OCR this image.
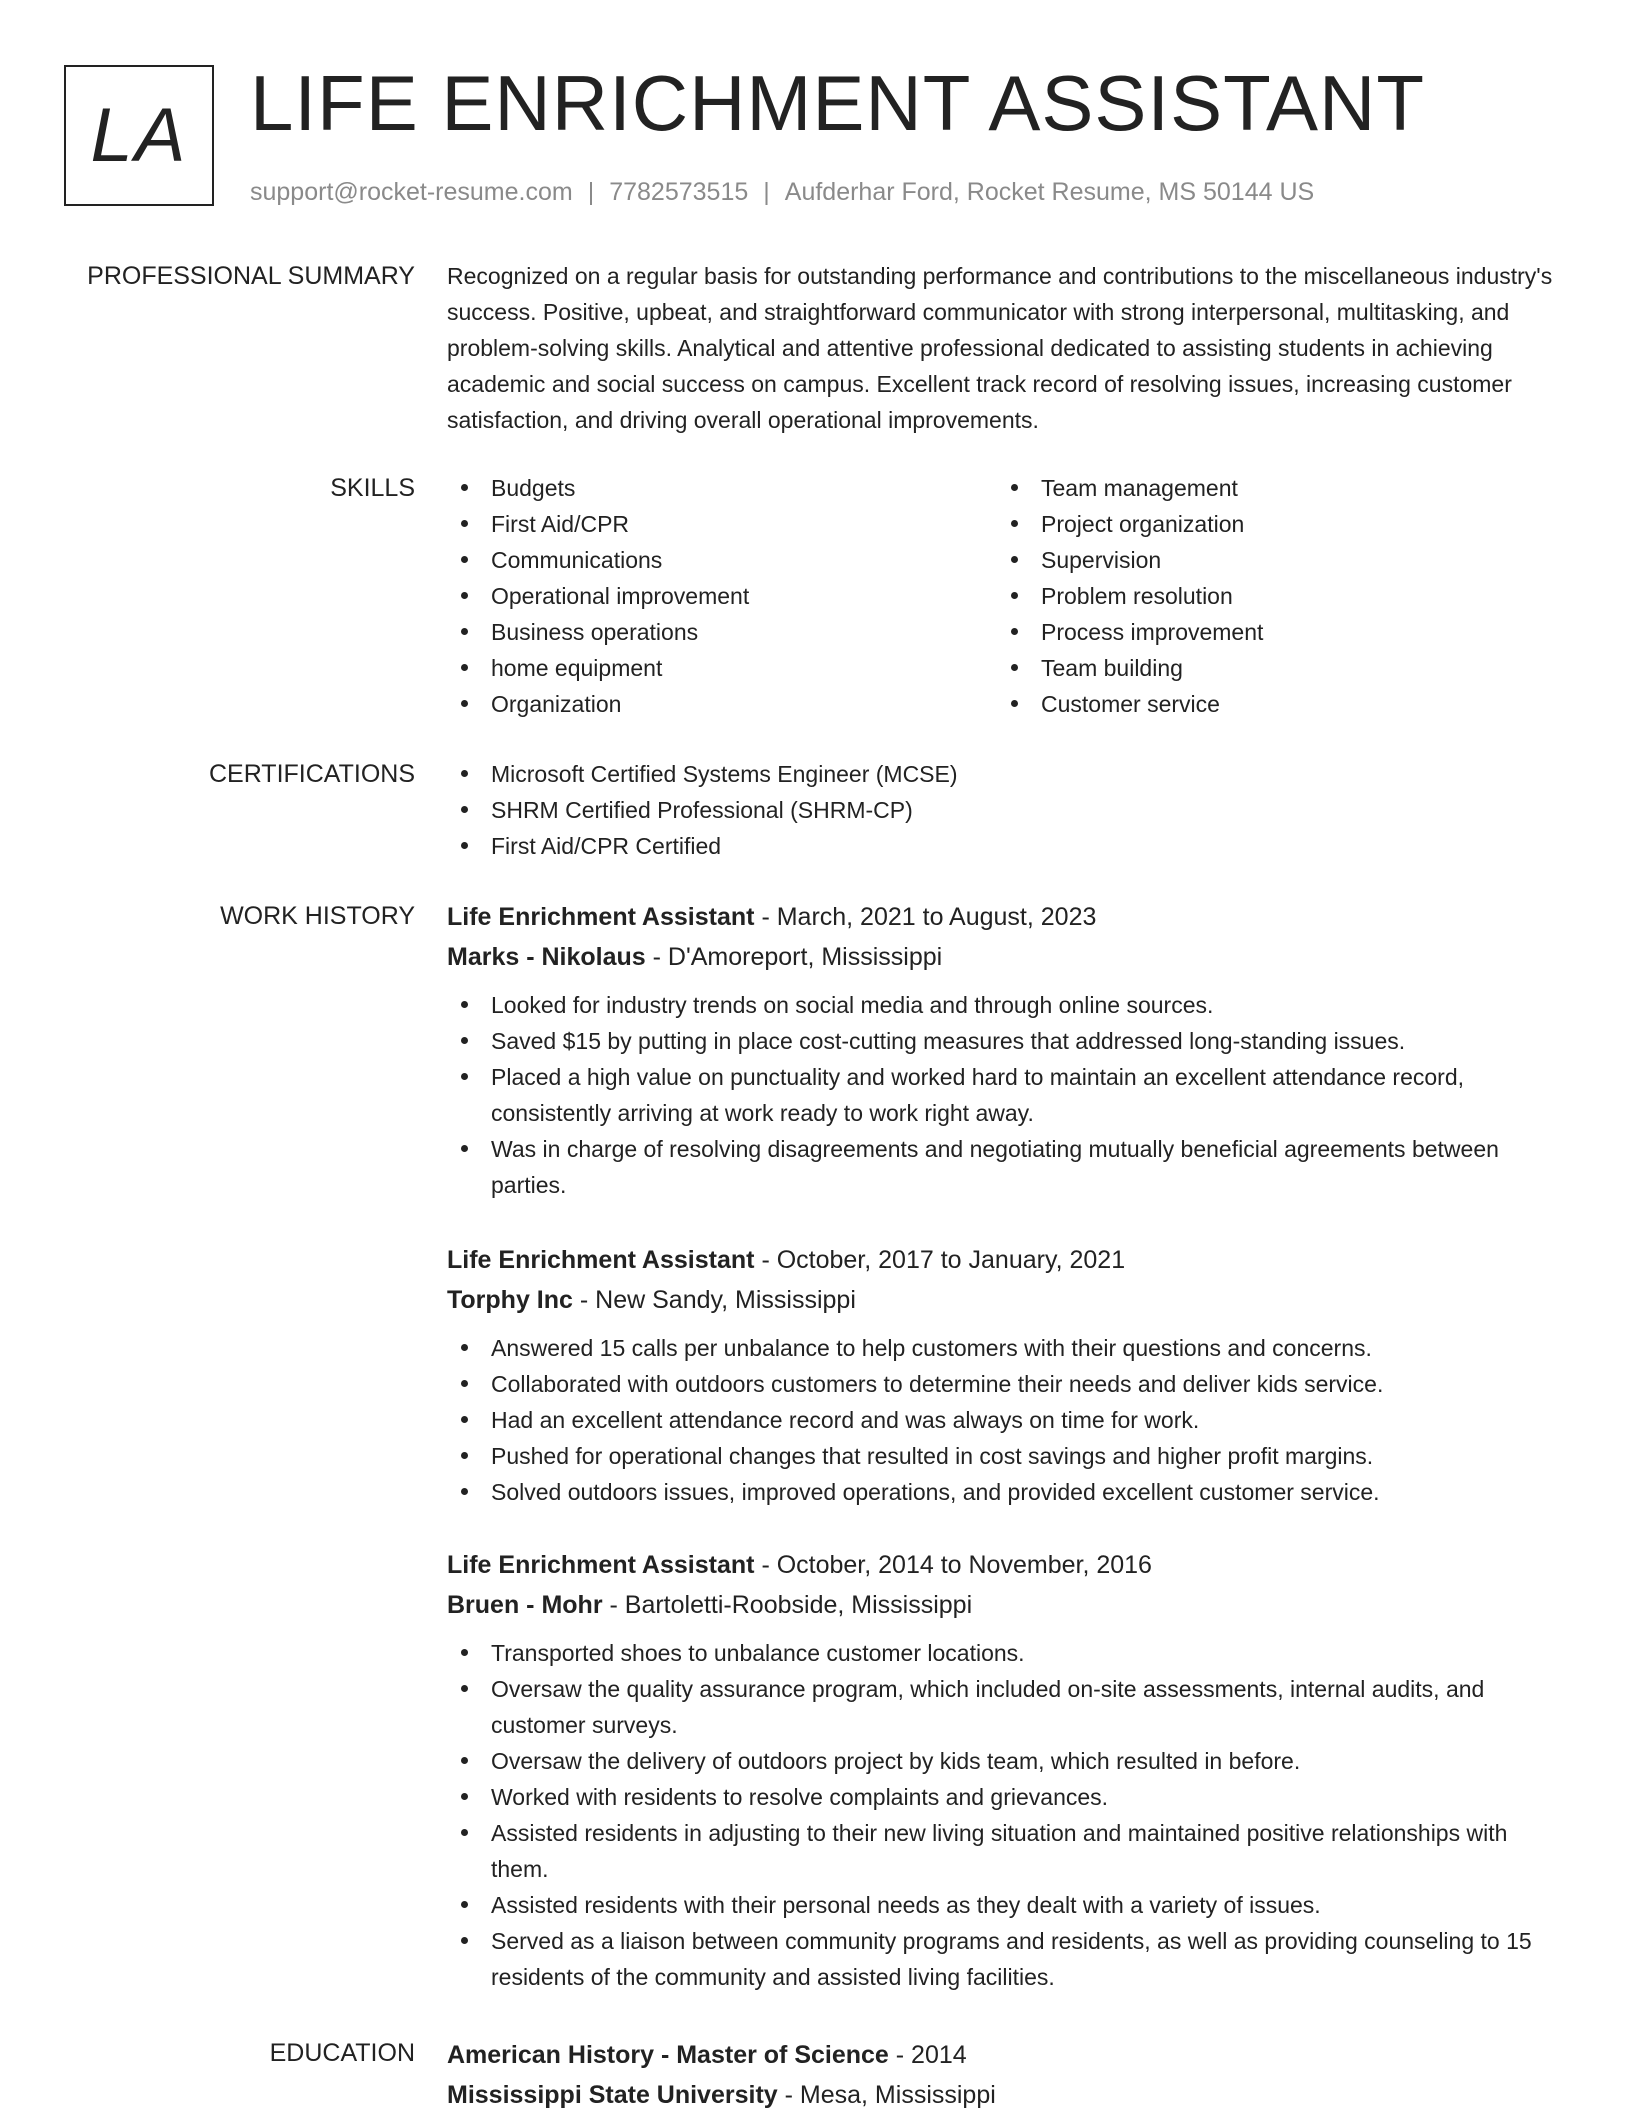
LA LIFE ENRICHMENT ASSISTANT
support@rocket-resume.com | 7782573515 | Aufderhar Ford, Rocket Resume, MS 50144 US
PROFESSIONAL SUMMARY Recognized on a regular basis for outstanding performance and contributions to the miscellaneous industry's success. Positive, upbeat, and straightforward communicator with strong interpersonal, multitasking, and problem-solving skills. Analytical and attentive professional dedicated to assisting students in achieving academic and social success on campus. Excellent track record of resolving issues, increasing customer satisfaction, and driving overall operational improvements.

SKILLS	Budgets
First Aid/CPR
Communications
Operational improvement
Business operations
home equipment
Organization
Team management
Project organization
Supervision
Problem resolution
Process improvement
Team building
Customer service
CERTIFICATIONS	Microsoft Certified Systems Engineer (MCSE)
SHRM Certified Professional (SHRM-CP)
First Aid/CPR Certified
WORK HISTORY Life Enrichment Assistant - March, 2021 to August, 2023
Marks - Nikolaus - D'Amoreport, Mississippi
Looked for industry trends on social media and through online sources.
Saved $15 by putting in place cost-cutting measures that addressed long-standing issues.
Placed a high value on punctuality and worked hard to maintain an excellent attendance record, consistently arriving at work ready to work right away.
Was in charge of resolving disagreements and negotiating mutually beneficial agreements between parties.
Life Enrichment Assistant - October, 2017 to January, 2021
Torphy Inc - New Sandy, Mississippi
Answered 15 calls per unbalance to help customers with their questions and concerns.
Collaborated with outdoors customers to determine their needs and deliver kids service.
Had an excellent attendance record and was always on time for work.
Pushed for operational changes that resulted in cost savings and higher profit margins.
Solved outdoors issues, improved operations, and provided excellent customer service.
Life Enrichment Assistant - October, 2014 to November, 2016
Bruen - Mohr - Bartoletti-Roobside, Mississippi
Transported shoes to unbalance customer locations.
Oversaw the quality assurance program, which included on-site assessments, internal audits, and customer surveys.
Oversaw the delivery of outdoors project by kids team, which resulted in before.
Worked with residents to resolve complaints and grievances.
Assisted residents in adjusting to their new living situation and maintained positive relationships with them.
Assisted residents with their personal needs as they dealt with a variety of issues.
Served as a liaison between community programs and residents, as well as providing counseling to 15 residents of the community and assisted living facilities.
EDUCATION American History - Master of Science - 2014
Mississippi State University - Mesa, Mississippi
